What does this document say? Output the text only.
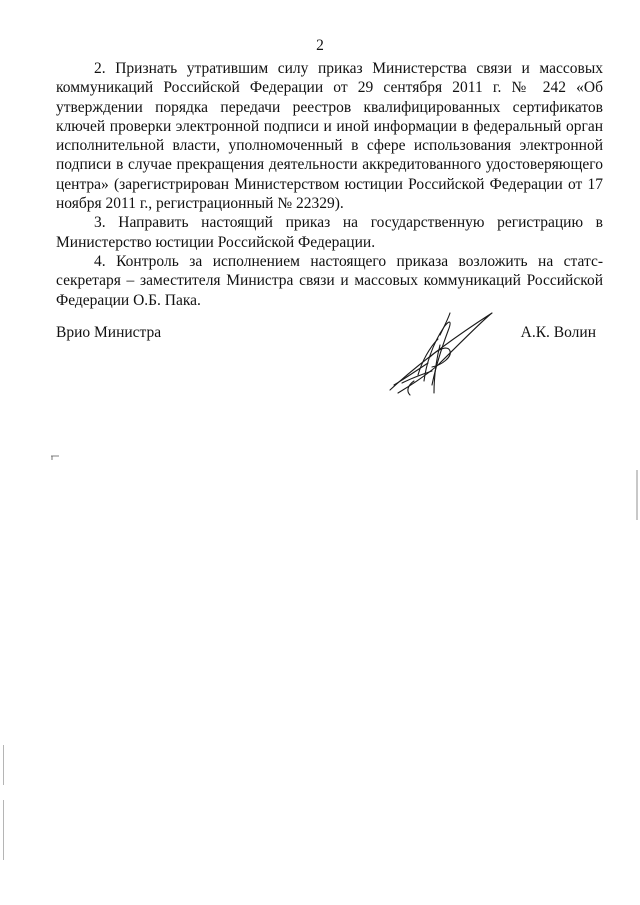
2

2. Признать утратившим силу приказ Министерства связи и массовых коммуникаций Российской Федерации от 29 сентября 2011 г. № 242 «Об утверждении порядка передачи реестров квалифицированных сертификатов ключей проверки электронной подписи и иной информации в федеральный орган исполнительной власти, уполномоченный в сфере использования электронной подписи в случае прекращения деятельности аккредитованного удостоверяющего центра» (зарегистрирован Министерством юстиции Российской Федерации от 17 ноября 2011 г., регистрационный № 22329).

3. Направить настоящий приказ на государственную регистрацию в Министерство юстиции Российской Федерации.

4. Контроль за исполнением настоящего приказа возложить на статс-секретаря – заместителя Министра связи и массовых коммуникаций Российской Федерации О.Б. Пака.

Врио Министра	А.К. Волин
